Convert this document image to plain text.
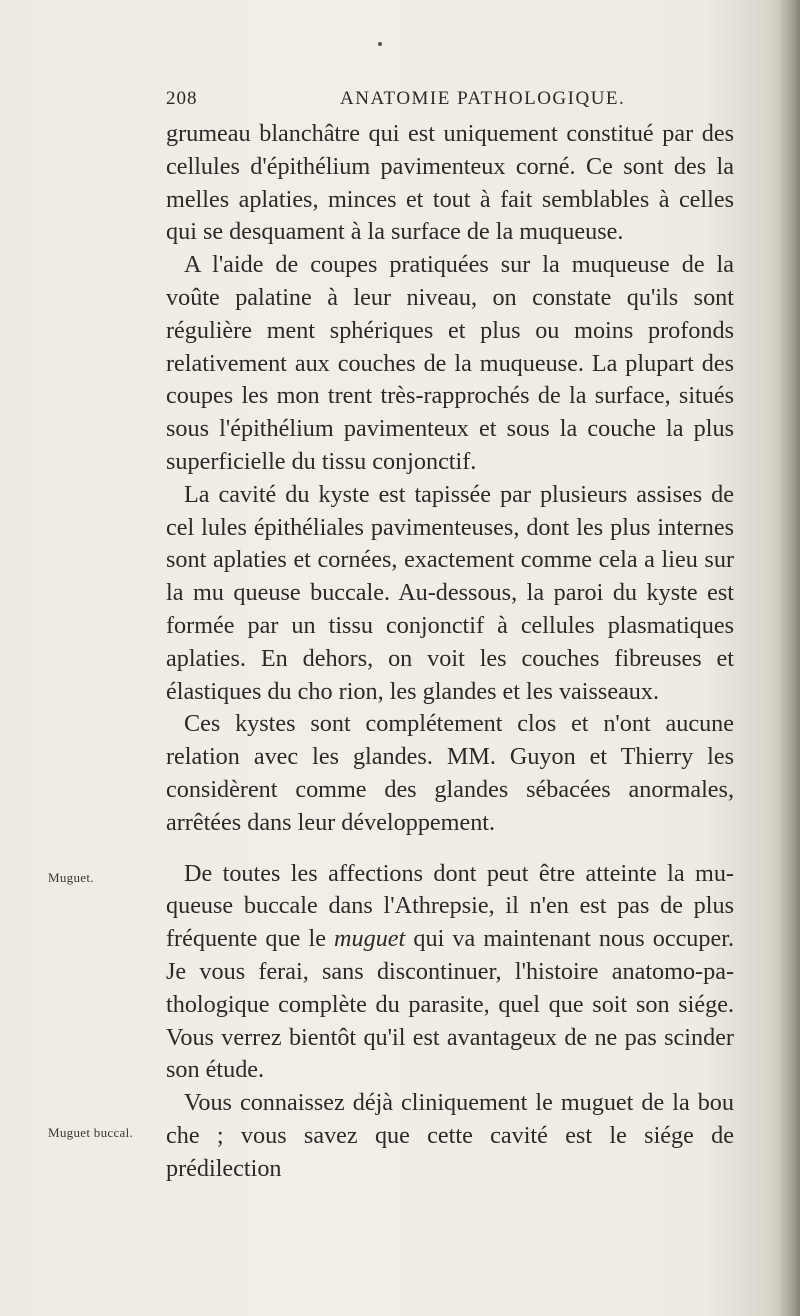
208	ANATOMIE PATHOLOGIQUE.
Muguet.
Muguet buccal.

grumeau blanchâtre qui est uniquement constitué par des cellules d'épithélium pavimenteux corné. Ce sont des la melles aplaties, minces et tout à fait semblables à celles qui se desquament à la surface de la muqueuse.

A l'aide de coupes pratiquées sur la muqueuse de la voûte palatine à leur niveau, on constate qu'ils sont régulière ment sphériques et plus ou moins profonds relativement aux couches de la muqueuse. La plupart des coupes les mon trent très-rapprochés de la surface, situés sous l'épithélium pavimenteux et sous la couche la plus superficielle du tissu conjonctif.

La cavité du kyste est tapissée par plusieurs assises de cel lules épithéliales pavimenteuses, dont les plus internes sont aplaties et cornées, exactement comme cela a lieu sur la mu queuse buccale. Au-dessous, la paroi du kyste est formée par un tissu conjonctif à cellules plasmatiques aplaties. En dehors, on voit les couches fibreuses et élastiques du cho rion, les glandes et les vaisseaux.

Ces kystes sont complétement clos et n'ont aucune relation avec les glandes. MM. Guyon et Thierry les considèrent comme des glandes sébacées anormales, arrêtées dans leur développement.

De toutes les affections dont peut être atteinte la mu- queuse buccale dans l'Athrepsie, il n'en est pas de plus fréquente que le muguet qui va maintenant nous occuper. Je vous ferai, sans discontinuer, l'histoire anatomo-pa- thologique complète du parasite, quel que soit son siége. Vous verrez bientôt qu'il est avantageux de ne pas scinder son étude.

Vous connaissez déjà cliniquement le muguet de la bou che ; vous savez que cette cavité est le siége de prédilection
